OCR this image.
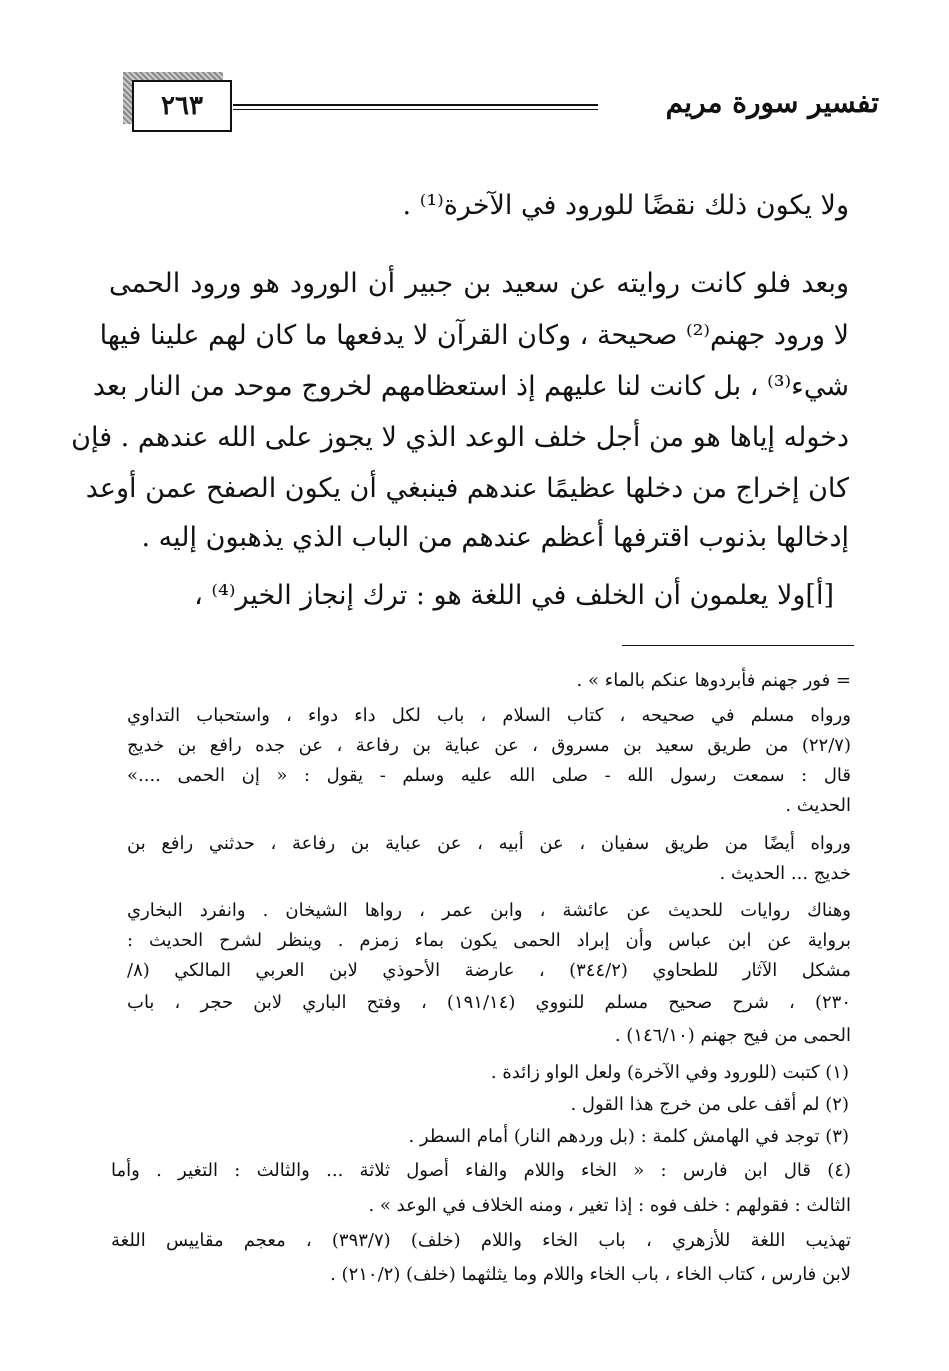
٢٦٣	تفسير سورة مريم
ولا يكون ذلك نقضًا للورود في الآخرة⁽¹⁾ .
وبعد فلو كانت روايته عن سعيد بن جبير أن الورود هو ورود الحمى
لا ورود جهنم⁽²⁾ صحيحة ، وكان القرآن لا يدفعها ما كان لهم علينا فيها
شيء⁽³⁾ ، بل كانت لنا عليهم إذ استعظامهم لخروج موحد من النار بعد
دخوله إياها هو من أجل خلف الوعد الذي لا يجوز على الله عندهم . فإن
كان إخراج من دخلها عظيمًا عندهم فينبغي أن يكون الصفح عمن أوعد
إدخالها بذنوب اقترفها أعظم عندهم من الباب الذي يذهبون إليه .
[أ]ولا يعلمون أن الخلف في اللغة هو : ترك إنجاز الخير⁽⁴⁾ ،
= فور جهنم فأبردوها عنكم بالماء » .
ورواه مسلم في صحيحه ، كتاب السلام ، باب لكل داء دواء ، واستحباب التداوي
(٢٢/٧) من طريق سعيد بن مسروق ، عن عباية بن رفاعة ، عن جده رافع بن خديج
قال : سمعت رسول الله - صلى الله عليه وسلم - يقول : « إن الحمى ....»
الحديث .
ورواه أيضًا من طريق سفيان ، عن أبيه ، عن عباية بن رفاعة ، حدثني رافع بن
خديج ... الحديث .
وهناك روايات للحديث عن عائشة ، وابن عمر ، رواها الشيخان . وانفرد البخاري
برواية عن ابن عباس وأن إبراد الحمى يكون بماء زمزم . وينظر لشرح الحديث :
مشكل الآثار للطحاوي (٣٤٤/٢) ، عارضة الأحوذي لابن العربي المالكي (٨/
٢٣٠) ، شرح صحيح مسلم للنووي (١٩١/١٤) ، وفتح الباري لابن حجر ، باب
الحمى من فيح جهنم (١٤٦/١٠) .
(١) كتبت (للورود وفي الآخرة) ولعل الواو زائدة .
(٢) لم أقف على من خرج هذا القول .
(٣) توجد في الهامش كلمة : (بل وردهم النار) أمام السطر .
(٤) قال ابن فارس : « الخاء واللام والفاء أصول ثلاثة ... والثالث : التغير . وأما
الثالث : فقولهم : خلف فوه : إذا تغير ، ومنه الخلاف في الوعد » .
تهذيب اللغة للأزهري ، باب الخاء واللام (خلف) (٣٩٣/٧) ، معجم مقاييس اللغة
لابن فارس ، كتاب الخاء ، باب الخاء واللام وما يثلثهما (خلف) (٢١٠/٢) .
